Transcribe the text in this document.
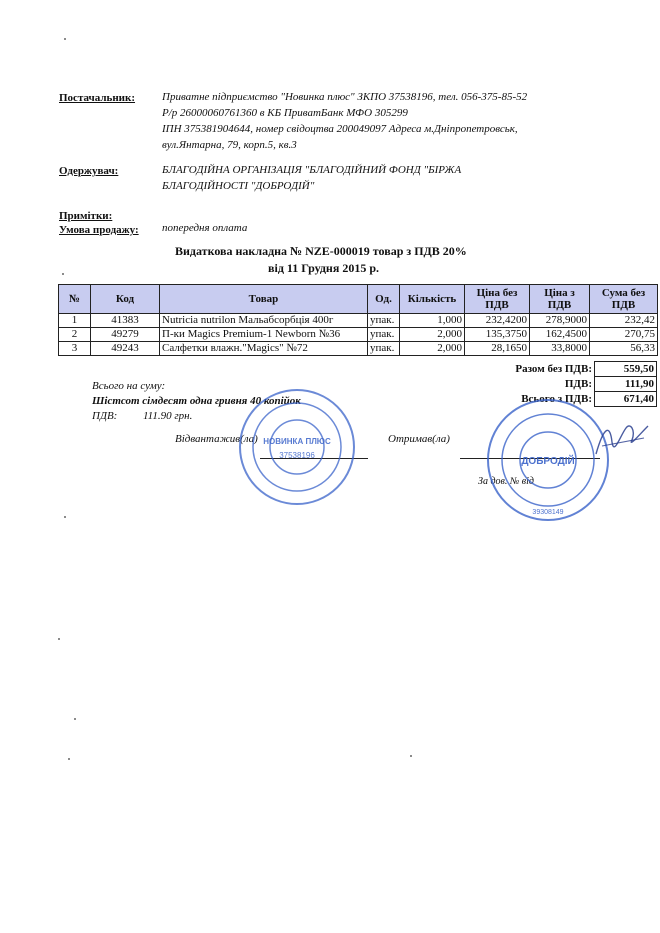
Постачальник: Приватне підприємство "Новинка плюс" ЗКПО 37538196, тел. 056-375-85-52
Р/р 26000060761360 в КБ ПриватБанк МФО 305299
ІПН 375381904644, номер свідоцтва 200049097 Адреса м.Дніпропетровськ,
вул.Янтарна, 79, корп.5, кв.3
Одержувач:	БЛАГОДІЙНА ОРГАНІЗАЦІЯ "БЛАГОДІЙНИЙ ФОНД "БІРЖА
БЛАГОДІЙНОСТІ "ДОБРОДІЙ"
Примітки:
Умова продажу: попередня оплата
Видаткова накладна № NZE-000019 товар з ПДВ 20%
від 11 Грудня 2015 р.
№	Код	Товар	Од.	Кількість	Ціна без ПДВ	Ціна з ПДВ	Сума без ПДВ
1	41383	Nutricia nutrilon Мальабсорбція 400г	упак.	1,000	232,4200	278,9000	232,42
2	49279	П-ки Magics Premium-1 Newborn №36	упак.	2,000	135,3750	162,4500	270,75
3	49243	Салфетки влажн."Magics" №72	упак.	2,000	28,1650	33,8000	56,33
Разом без ПДВ:	559,50
ПДВ:	111,90
Всього з ПДВ:	671,40
Всього на суму:
Шістсот сімдесят одна гривня 40 копійок
ПДВ: 111.90 грн.
Відвантажив(ла)	Отримав(ла)
За дов. № від
НОВИНКА ПЛЮС
37538196
ДОБРОДІЙ
39308149
